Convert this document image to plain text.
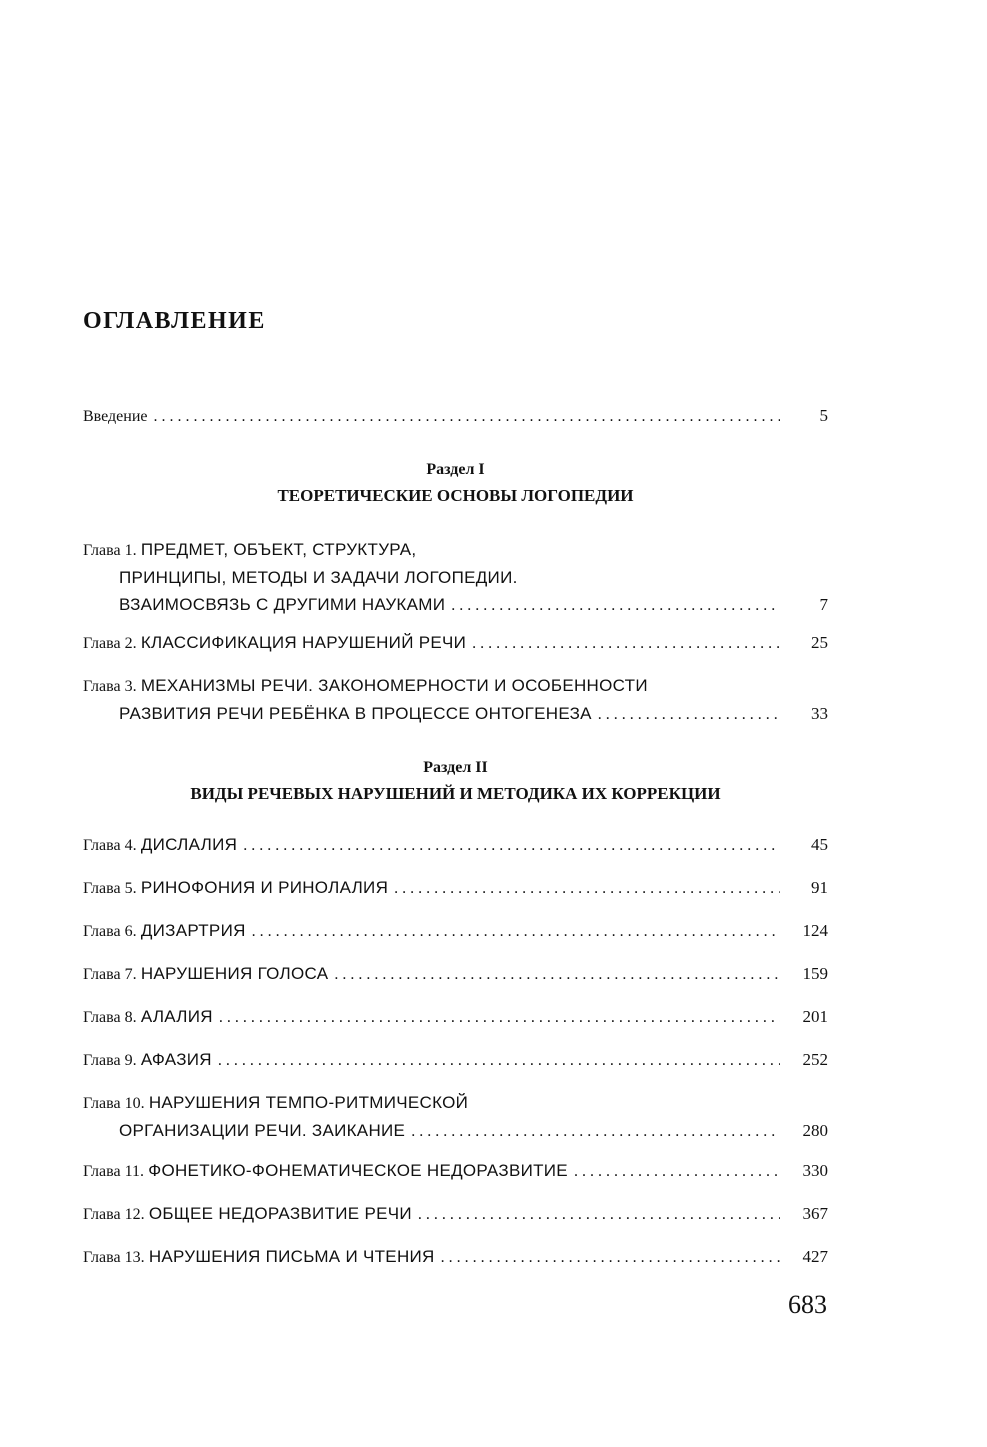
ОГЛАВЛЕНИЕ
Введение . . .	5
Раздел I
ТЕОРЕТИЧЕСКИЕ ОСНОВЫ ЛОГОПЕДИИ
Глава 1.
ПРЕДМЕТ, ОБЪЕКТ, СТРУКТУРА,
ПРИНЦИПЫ, МЕТОДЫ И ЗАДАЧИ ЛОГОПЕДИИ.
ВЗАИМОСВЯЗЬ С ДРУГИМИ НАУКАМИ . . .	7
Глава 2.
КЛАССИФИКАЦИЯ НАРУШЕНИЙ РЕЧИ . . .	25
Глава 3.
МЕХАНИЗМЫ РЕЧИ. ЗАКОНОМЕРНОСТИ И ОСОБЕННОСТИ
РАЗВИТИЯ РЕЧИ РЕБЁНКА В ПРОЦЕССЕ ОНТОГЕНЕЗА . . .	33
Раздел II
ВИДЫ РЕЧЕВЫХ НАРУШЕНИЙ И МЕТОДИКА ИХ КОРРЕКЦИИ
Глава 4.
ДИСЛАЛИЯ . . .	45
Глава 5.
РИНОФОНИЯ И РИНОЛАЛИЯ . . .	91
Глава 6.
ДИЗАРТРИЯ . . .	124
Глава 7.
НАРУШЕНИЯ ГОЛОСА . . .	159
Глава 8.
АЛАЛИЯ . . .	201
Глава 9.
АФАЗИЯ . . .	252
Глава 10.
НАРУШЕНИЯ ТЕМПО-РИТМИЧЕСКОЙ
ОРГАНИЗАЦИИ РЕЧИ. ЗАИКАНИЕ . . .	280
Глава 11.
ФОНЕТИКО-ФОНЕМАТИЧЕСКОЕ НЕДОРАЗВИТИЕ . . .	330
Глава 12.
ОБЩЕЕ НЕДОРАЗВИТИЕ РЕЧИ . . .	367
Глава 13.
НАРУШЕНИЯ ПИСЬМА И ЧТЕНИЯ . . .	427
683
